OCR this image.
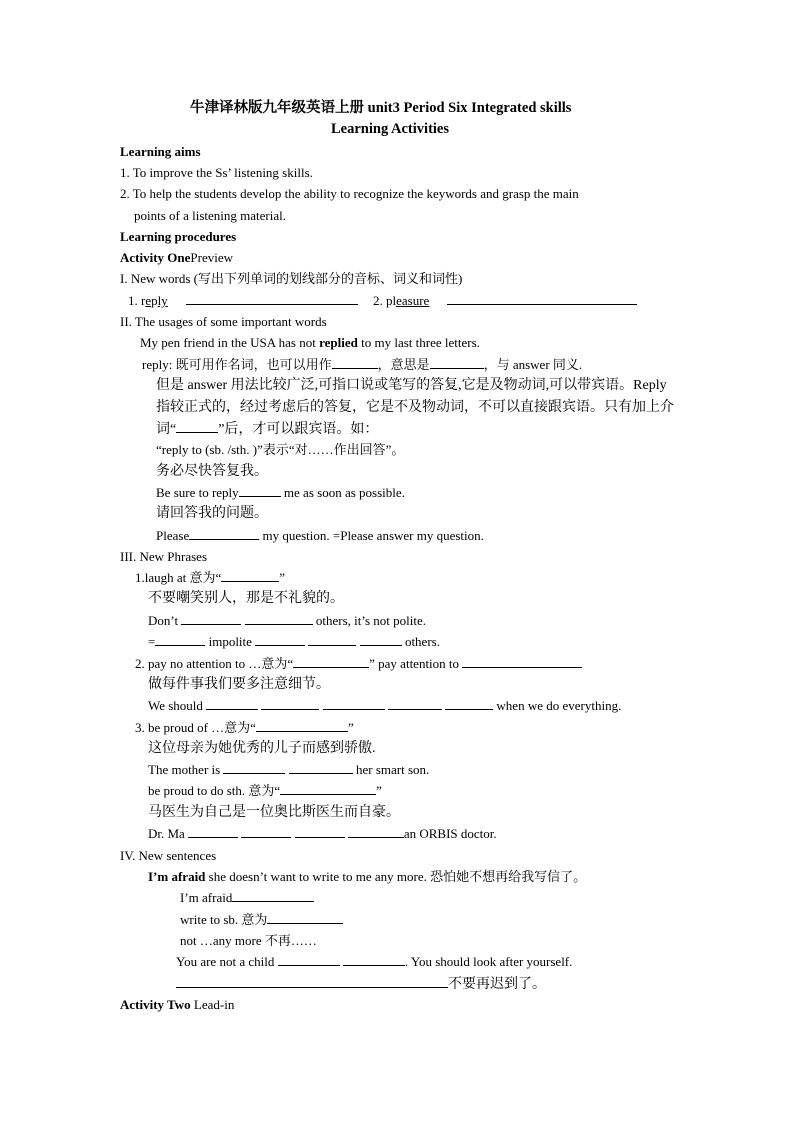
牛津译林版九年级英语上册 unit3 Period Six Integrated skills
Learning Activities
Learning aims
1. To improve the Ss’ listening skills.
2. To help the students develop the ability to recognize the keywords and grasp the main
points of a listening material.
Learning procedures
Activity OnePreview
I. New words (写出下列单词的划线部分的音标、词义和词性)
1. reply	2. pleasure
II. The usages of some important words
My pen friend in the USA has not replied to my last three letters.
reply: 既可用作名词，也可以用作	，意思是	，与 answer 同义.
但是 answer 用法比较广泛,可指口说或笔写的答复,它是及物动词,可以带宾语。Reply
指较正式的，经过考虑后的答复，它是不及物动词，不可以直接跟宾语。只有加上介
词“	”后，才可以跟宾语。如：
“reply to (sb. /sth. )”表示“对……作出回答”。
务必尽快答复我。
Be sure to reply	me as soon as possible.
请回答我的问题。
Please	my question. =Please answer my question.
III. New Phrases
1.laugh at 意为“	”
不要嘲笑别人，那是不礼貌的。
Don’t	others, it’s not polite.
=	impolite	others.
2. pay no attention to …意为“	” pay attention to
做每件事我们要多注意细节。
We should	when we do everything.
3. be proud of …意为“	”
这位母亲为她优秀的儿子而感到骄傲.
The mother is	her smart son.
be proud to do sth. 意为“	”
马医生为自己是一位奥比斯医生而自豪。
Dr. Ma	an ORBIS doctor.
IV. New sentences
I’m afraid she doesn’t want to write to me any more. 恐怕她不想再给我写信了。
I’m afraid
write to sb. 意为
not …any more 不再……
You are not a child	. You should look after yourself.
不要再迟到了。
Activity Two Lead-in
